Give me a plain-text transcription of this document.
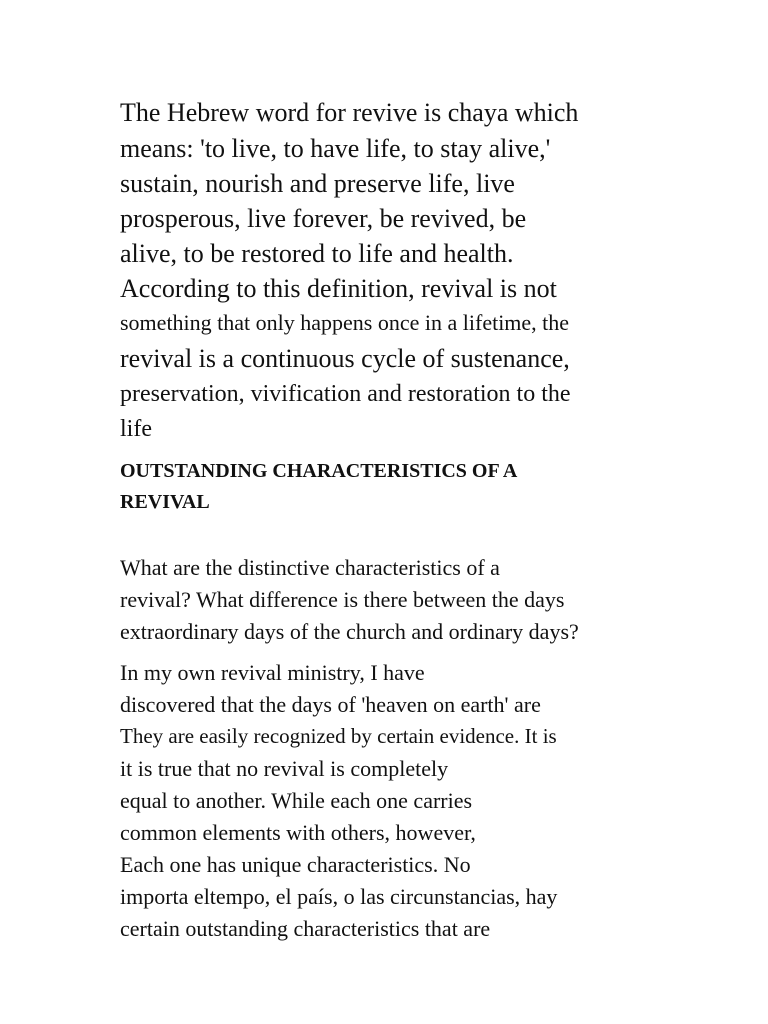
The Hebrew word for revive is chaya which
means: 'to live, to have life, to stay alive,'
sustain, nourish and preserve life, live
prosperous, live forever, be revived, be
alive, to be restored to life and health.
According to this definition, revival is not
something that only happens once in a lifetime, the
revival is a continuous cycle of sustenance,
preservation, vivification and restoration to the
life
OUTSTANDING CHARACTERISTICS OF A
REVIVAL
What are the distinctive characteristics of a
revival? What difference is there between the days
extraordinary days of the church and ordinary days?
In my own revival ministry, I have
discovered that the days of 'heaven on earth' are
They are easily recognized by certain evidence. It is
it is true that no revival is completely
equal to another. While each one carries
common elements with others, however,
Each one has unique characteristics. No
importa eltempo, el país, o las circunstancias, hay
certain outstanding characteristics that are
